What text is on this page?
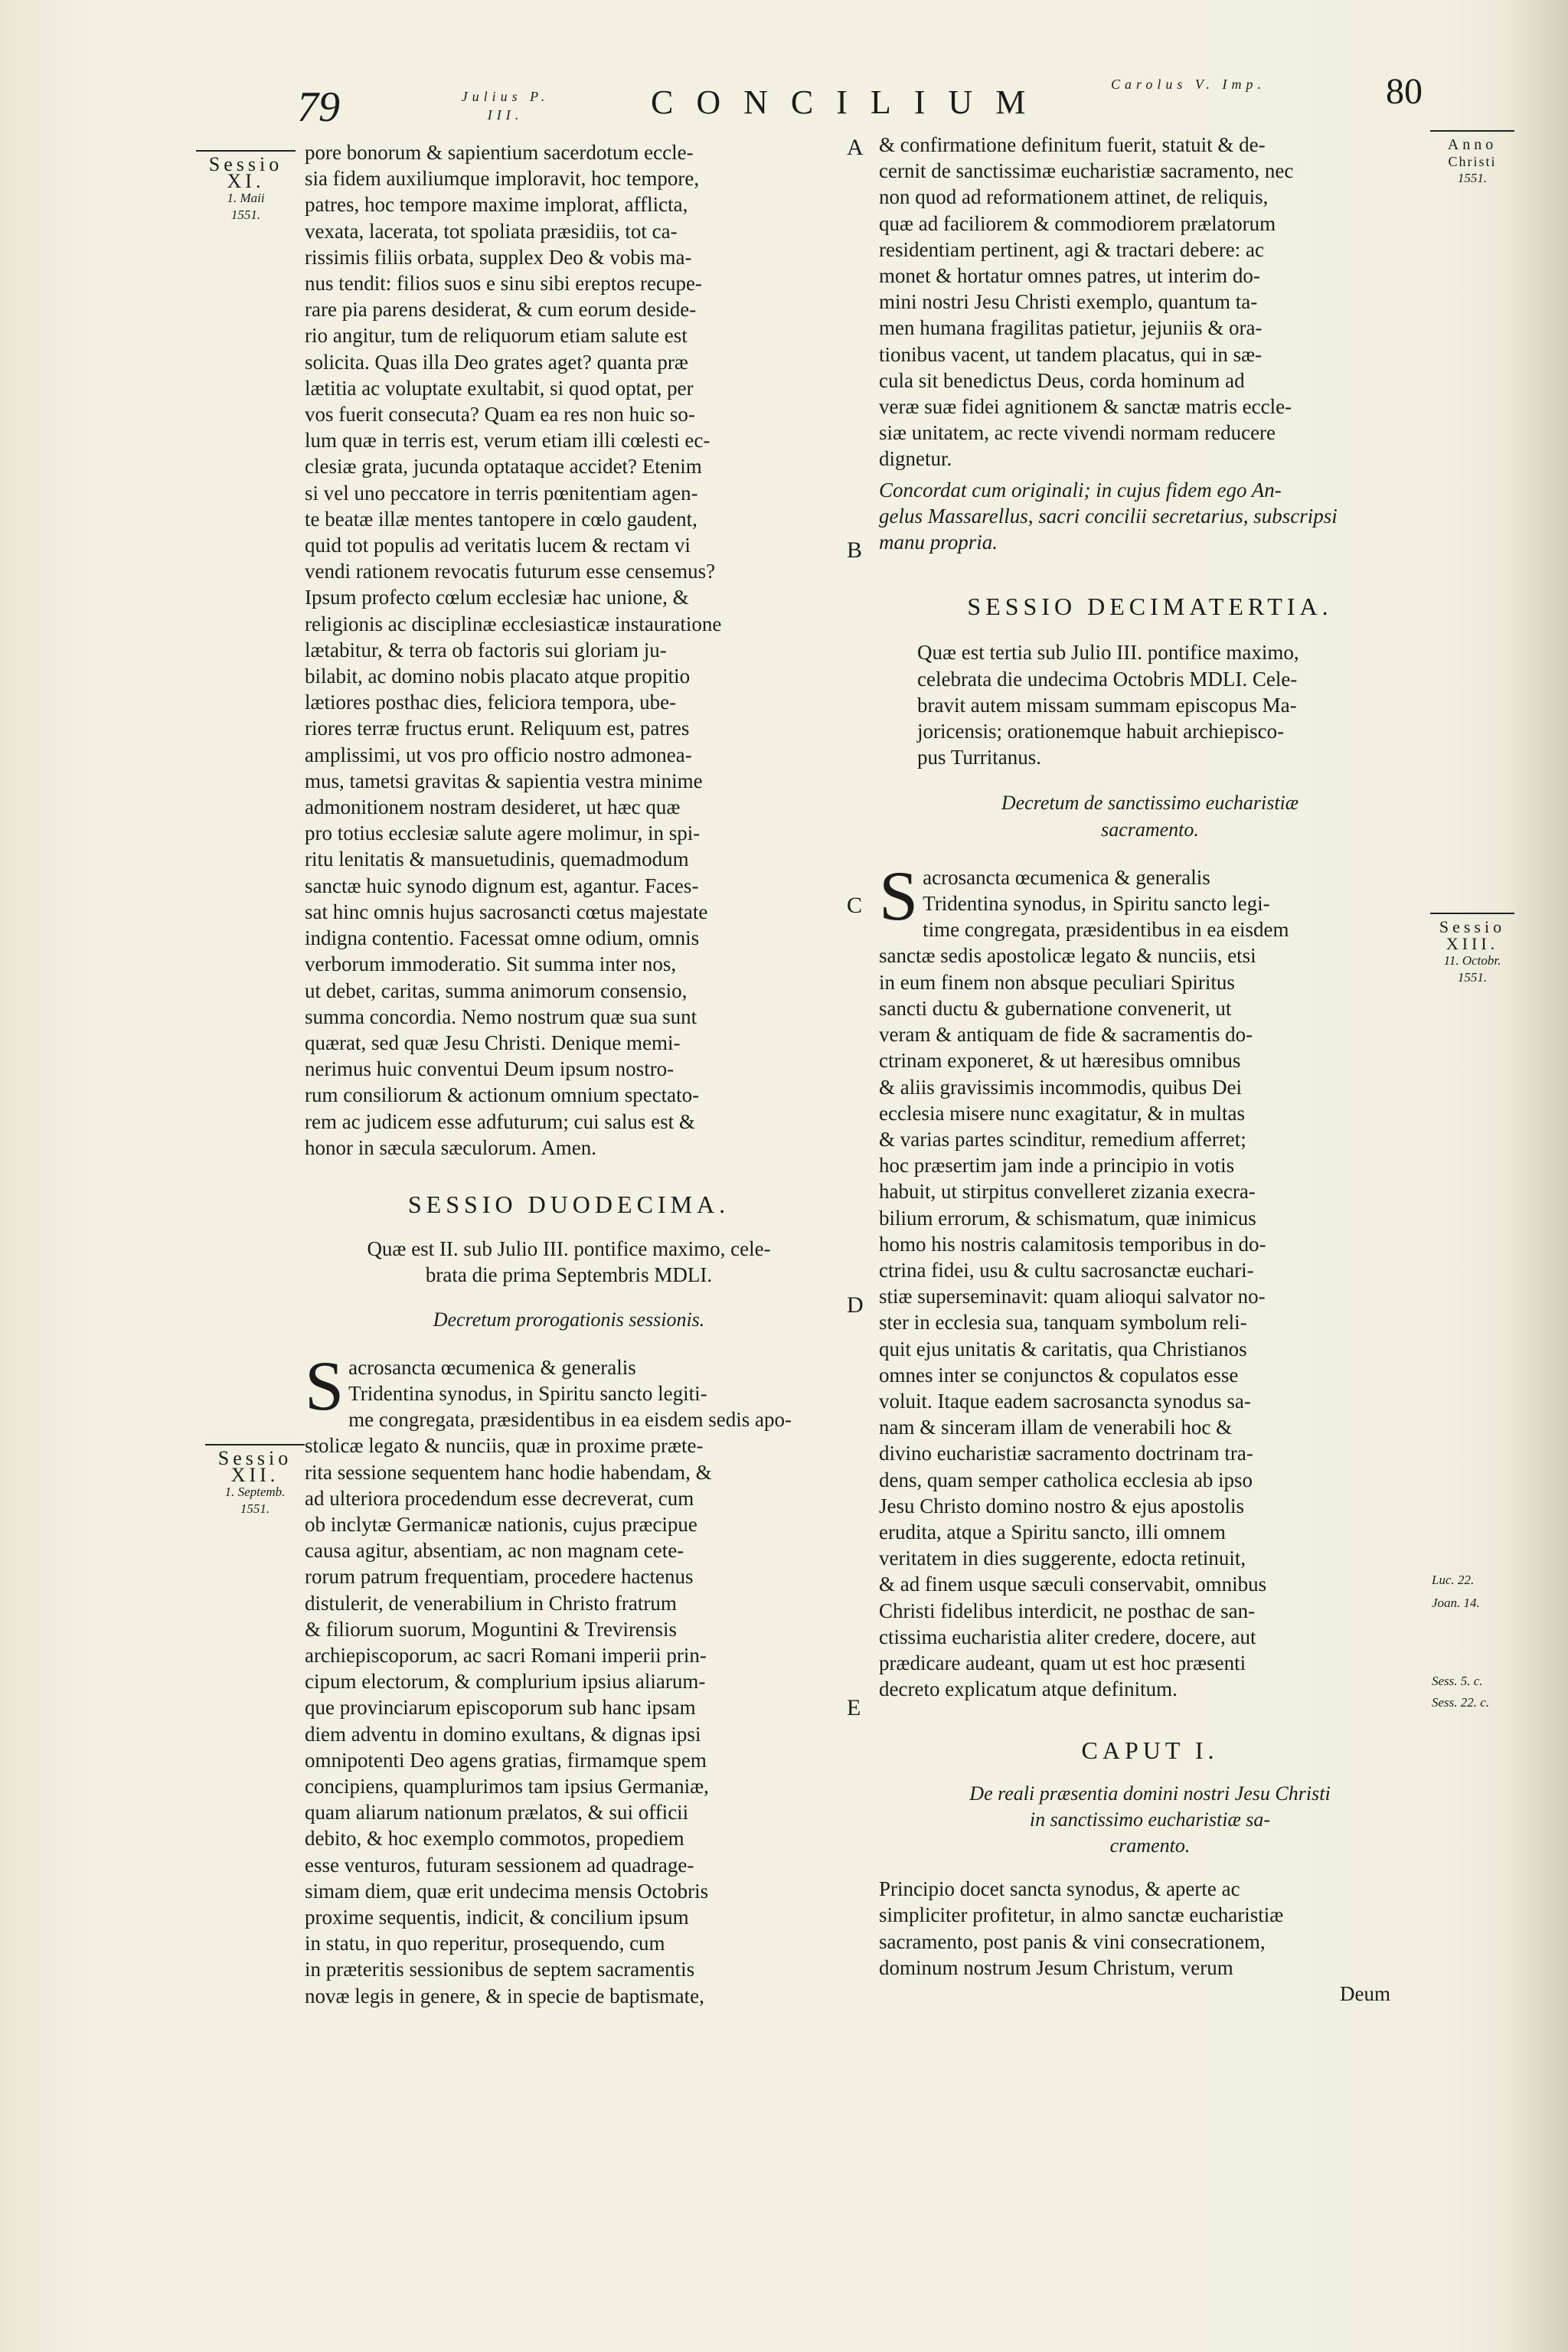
79	Julius P. III.	CONCILIUM	Carolus V. Imp.	80
Sessio
XI.
1. Maii
1551.
Sessio
XII.
1. Septemb.
1551.
Anno
Christi
1551.
Sessio
XIII.
11. Octobr.
1551.
Luc. 22.
Joan. 14.
Sess. 5. c.
Sess. 22. c.
A
B
C
D
E
pore bonorum & sapientium sacerdotum eccle-
sia fidem auxiliumque imploravit, hoc tempore,
patres, hoc tempore maxime implorat, afflicta,
vexata, lacerata, tot spoliata præsidiis, tot ca-
rissimis filiis orbata, supplex Deo & vobis ma-
nus tendit: filios suos e sinu sibi ereptos recupe-
rare pia parens desiderat, & cum eorum deside-
rio angitur, tum de reliquorum etiam salute est
solicita. Quas illa Deo grates aget? quanta præ
lætitia ac voluptate exultabit, si quod optat, per
vos fuerit consecuta? Quam ea res non huic so-
lum quæ in terris est, verum etiam illi cœlesti ec-
clesiæ grata, jucunda optataque accidet? Etenim
si vel uno peccatore in terris pœnitentiam agen-
te beatæ illæ mentes tantopere in cœlo gaudent,
quid tot populis ad veritatis lucem & rectam vi
vendi rationem revocatis futurum esse censemus?
Ipsum profecto cœlum ecclesiæ hac unione, &
religionis ac disciplinæ ecclesiasticæ instauratione
lætabitur, & terra ob factoris sui gloriam ju-
bilabit, ac domino nobis placato atque propitio
lætiores posthac dies, feliciora tempora, ube-
riores terræ fructus erunt. Reliquum est, patres
amplissimi, ut vos pro officio nostro admonea-
mus, tametsi gravitas & sapientia vestra minime
admonitionem nostram desideret, ut hæc quæ
pro totius ecclesiæ salute agere molimur, in spi-
ritu lenitatis & mansuetudinis, quemadmodum
sanctæ huic synodo dignum est, agantur. Faces-
sat hinc omnis hujus sacrosancti cœtus majestate
indigna contentio. Facessat omne odium, omnis
verborum immoderatio. Sit summa inter nos,
ut debet, caritas, summa animorum consensio,
summa concordia. Nemo nostrum quæ sua sunt
quærat, sed quæ Jesu Christi. Denique memi-
nerimus huic conventui Deum ipsum nostro-
rum consiliorum & actionum omnium spectato-
rem ac judicem esse adfuturum; cui salus est &
honor in sæcula sæculorum. Amen.

SESSIO DUODECIMA.

Quæ est II. sub Julio III. pontifice maximo, cele-
brata die prima Septembris MDLI.

Decretum prorogationis sessionis.

S acrosancta œcumenica & generalis
Tridentina synodus, in Spiritu sancto legiti-
me congregata, præsidentibus in ea eisdem sedis apo-
stolicæ legato & nunciis, quæ in proxime præte-
rita sessione sequentem hanc hodie habendam, &
ad ulteriora procedendum esse decreverat, cum
ob inclytæ Germanicæ nationis, cujus præcipue
causa agitur, absentiam, ac non magnam cete-
rorum patrum frequentiam, procedere hactenus
distulerit, de venerabilium in Christo fratrum
& filiorum suorum, Moguntini & Trevirensis
archiepiscoporum, ac sacri Romani imperii prin-
cipum electorum, & complurium ipsius aliarum-
que provinciarum episcoporum sub hanc ipsam
diem adventu in domino exultans, & dignas ipsi
omnipotenti Deo agens gratias, firmamque spem
concipiens, quamplurimos tam ipsius Germaniæ,
quam aliarum nationum prælatos, & sui officii
debito, & hoc exemplo commotos, propediem
esse venturos, futuram sessionem ad quadrage-
simam diem, quæ erit undecima mensis Octobris
proxime sequentis, indicit, & concilium ipsum
in statu, in quo reperitur, prosequendo, cum
in præteritis sessionibus de septem sacramentis
novæ legis in genere, & in specie de baptismate,
& confirmatione definitum fuerit, statuit & de-
cernit de sanctissimæ eucharistiæ sacramento, nec
non quod ad reformationem attinet, de reliquis,
quæ ad faciliorem & commodiorem prælatorum
residentiam pertinent, agi & tractari debere: ac
monet & hortatur omnes patres, ut interim do-
mini nostri Jesu Christi exemplo, quantum ta-
men humana fragilitas patietur, jejuniis & ora-
tionibus vacent, ut tandem placatus, qui in sæ-
cula sit benedictus Deus, corda hominum ad
veræ suæ fidei agnitionem & sanctæ matris eccle-
siæ unitatem, ac recte vivendi normam reducere
dignetur.
Concordat cum originali; in cujus fidem ego An-
gelus Massarellus, sacri concilii secretarius, subscripsi
manu propria.

SESSIO DECIMATERTIA.

Quæ est tertia sub Julio III. pontifice maximo,
celebrata die undecima Octobris MDLI. Cele-
bravit autem missam summam episcopus Ma-
joricensis; orationemque habuit archiepisco-
pus Turritanus.
Decretum de sanctissimo eucharistiæ
sacramento.
S acrosancta œcumenica & generalis
Tridentina synodus, in Spiritu sancto legi-
time congregata, præsidentibus in ea eisdem
sanctæ sedis apostolicæ legato & nunciis, etsi
in eum finem non absque peculiari Spiritus
sancti ductu & gubernatione convenerit, ut
veram & antiquam de fide & sacramentis do-
ctrinam exponeret, & ut hæresibus omnibus
& aliis gravissimis incommodis, quibus Dei
ecclesia misere nunc exagitatur, & in multas
& varias partes scinditur, remedium afferret;
hoc præsertim jam inde a principio in votis
habuit, ut stirpitus convelleret zizania execra-
bilium errorum, & schismatum, quæ inimicus
homo his nostris calamitosis temporibus in do-
ctrina fidei, usu & cultu sacrosanctæ euchari-
stiæ superseminavit: quam alioqui salvator no-
ster in ecclesia sua, tanquam symbolum reli-
quit ejus unitatis & caritatis, qua Christianos
omnes inter se conjunctos & copulatos esse
voluit. Itaque eadem sacrosancta synodus sa-
nam & sinceram illam de venerabili hoc &
divino eucharistiæ sacramento doctrinam tra-
dens, quam semper catholica ecclesia ab ipso
Jesu Christo domino nostro & ejus apostolis
erudita, atque a Spiritu sancto, illi omnem
veritatem in dies suggerente, edocta retinuit,
& ad finem usque sæculi conservabit, omnibus
Christi fidelibus interdicit, ne posthac de san-
ctissima eucharistia aliter credere, docere, aut
prædicare audeant, quam ut est hoc præsenti
decreto explicatum atque definitum.

CAPUT I.

De reali præsentia domini nostri Jesu Christi
in sanctissimo eucharistiæ sa-
cramento.
Principio docet sancta synodus, & aperte ac
simpliciter profitetur, in almo sanctæ eucharistiæ
sacramento, post panis & vini consecrationem,
dominum nostrum Jesum Christum, verum
Deum
